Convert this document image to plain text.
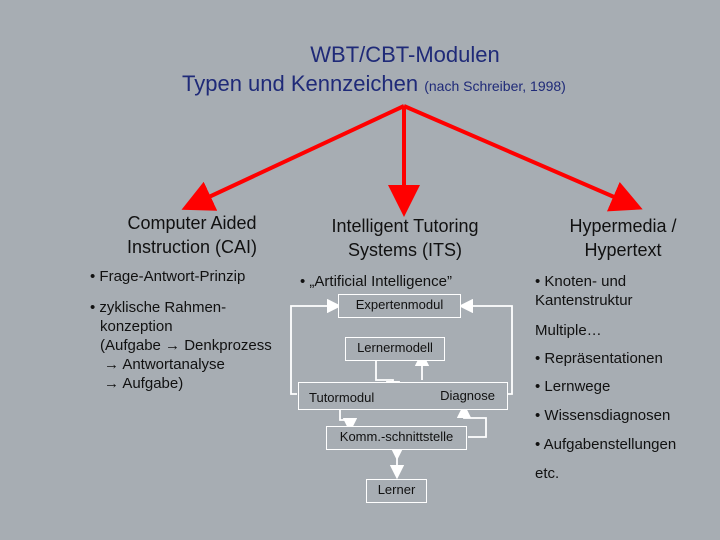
WBT/CBT-Modulen
Typen und Kennzeichen (nach Schreiber, 1998)
Computer Aided
Instruction (CAI)
• Frage-Antwort-Prinzip
• zyklische Rahmen-
konzeption
(Aufgabe → Denkprozess
→ Antwortanalyse
→ Aufgabe)
Intelligent Tutoring
Systems (ITS)
• „Artificial Intelligence”
Expertenmodul
Lernermodell
Tutormodul	Diagnose
Komm.-schnittstelle
Lerner
Hypermedia /
Hypertext
• Knoten- und
Kantenstruktur
Multiple…
• Repräsentationen
• Lernwege
• Wissensdiagnosen
• Aufgabenstellungen
etc.
